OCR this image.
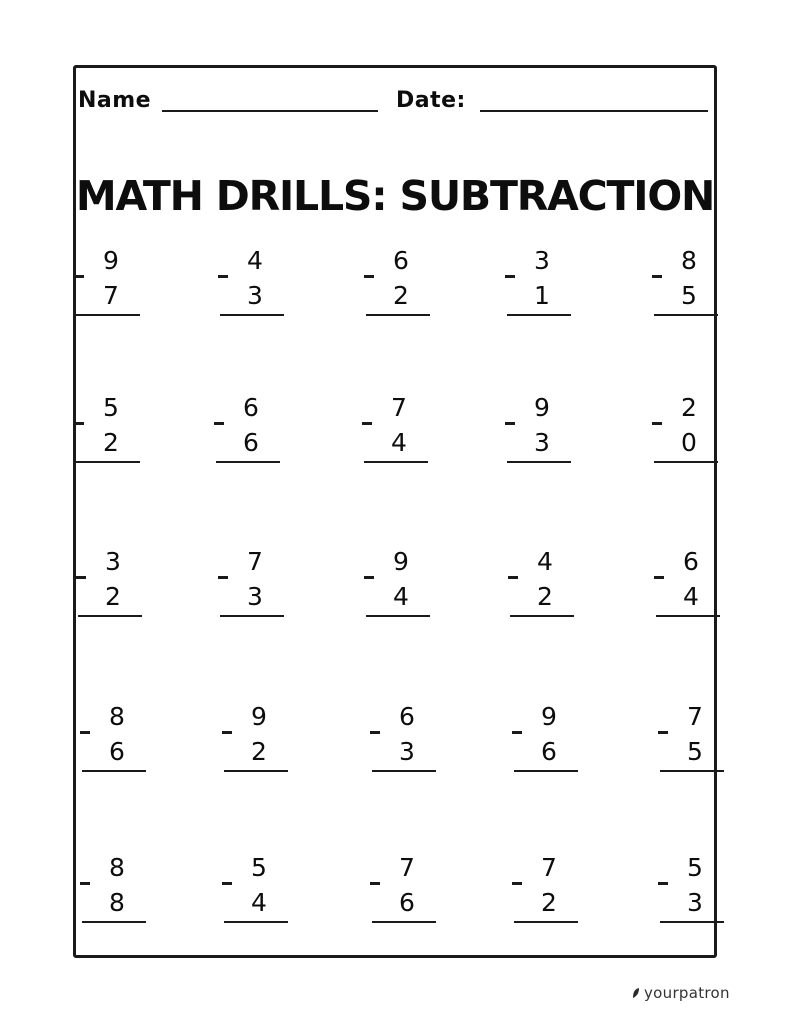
Name	Date:
MATH DRILLS: SUBTRACTION
9
7
4
3
6
2
3
1
8
5
5
2
6
6
7
4
9
3
2
0
3
2
7
3
9
4
4
2
6
4
8
6
9
2
6
3
9
6
7
5
8
8
5
4
7
6
7
2
5
3
yourpatron
